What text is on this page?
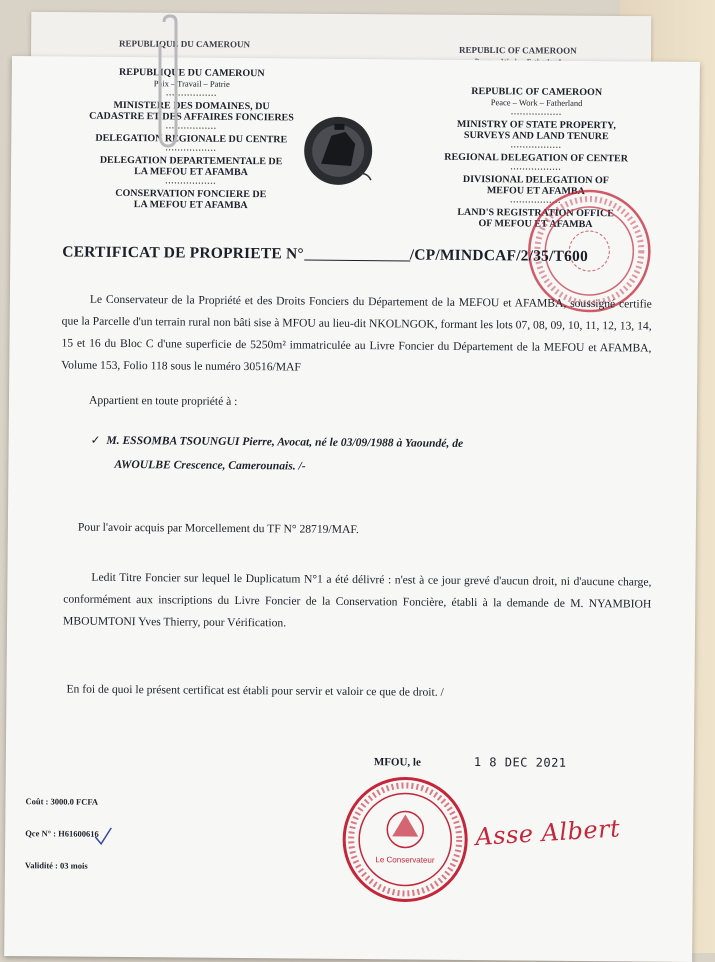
REPUBLIQUE DU CAMEROUN
REPUBLIC OF CAMEROON
REPUBLIQUE DU CAMEROUN
Paix – Travail – Patrie
.................
MINISTERE DES DOMAINES, DU
CADASTRE ET DES AFFAIRES FONCIERES
.................
DELEGATION REGIONALE DU CENTRE
.................
DELEGATION DEPARTEMENTALE DE
LA MEFOU ET AFAMBA
.................
CONSERVATION FONCIERE DE
LA MEFOU ET AFAMBA
REPUBLIC OF CAMEROON
Peace – Work – Fatherland
.................
MINISTRY OF STATE PROPERTY,
SURVEYS AND LAND TENURE
.................
REGIONAL DELEGATION OF CENTER
.................
DIVISIONAL DELEGATION OF
MEFOU ET AFAMBA
.................
LAND'S REGISTRATION OFFICE
OF MEFOU ET AFAMBA
CERTIFICAT DE PROPRIETE N°	/CP/MINDCAF/2/35/T600
Le Conservateur de la Propriété et des Droits Fonciers du Département de la MEFOU et AFAMBA, soussigné certifie que la Parcelle d'un terrain rural non bâti sise à MFOU au lieu-dit NKOLNGOK, formant les lots 07, 08, 09, 10, 11, 12, 13, 14, 15 et 16 du Bloc C d'une superficie de 5250m² immatriculée au Livre Foncier du Département de la MEFOU et AFAMBA, Volume 153, Folio 118 sous le numéro 30516/MAF
Appartient en toute propriété à :
✓ M. ESSOMBA TSOUNGUI Pierre, Avocat, né le 03/09/1988 à Yaoundé, de
AWOULBE Crescence, Camerounais. /-
Pour l'avoir acquis par Morcellement du TF N° 28719/MAF.
Ledit Titre Foncier sur lequel le Duplicatum N°1 a été délivré : n'est à ce jour grevé d'aucun droit, ni d'aucune charge, conformément aux inscriptions du Livre Foncier de la Conservation Foncière, établi à la demande de M. NYAMBIOH MBOUMTONI Yves Thierry, pour Vérification.
En foi de quoi le présent certificat est établi pour servir et valoir ce que de droit. /
MFOU, le	1 8 DEC 2021
Coût : 3000.0 FCFA
Qce N° : H61600616
Validité : 03 mois
Le Conservateur
Asse Albert
